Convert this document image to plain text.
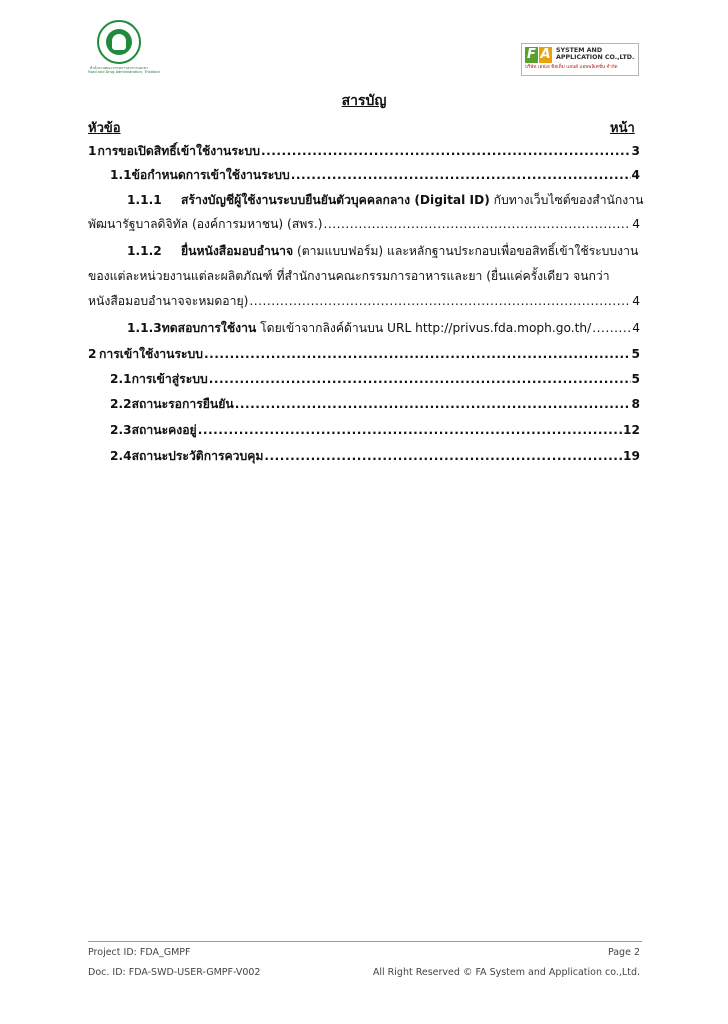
สำนักงานคณะกรรมการอาหารและยา
Food and Drug Administration, Thailand
F A SYSTEM AND
APPLICATION CO.,LTD.
บริษัท เอฟเอ ซิสเต็ม แอนด์ แอพพลิเคชั่น จำกัด
สารบัญ
หัวข้อ	หน้า
1 การขอเปิดสิทธิ์เข้าใช้งานระบบ .....	3
1.1 ข้อกำหนดการเข้าใช้งานระบบ .....	4
1.1.1 สร้างบัญชีผู้ใช้งานระบบยืนยันตัวบุคคลกลาง (Digital ID) กับทางเว็บไซต์ของสำนักงาน
พัฒนารัฐบาลดิจิทัล (องค์การมหาชน) (สพร.) .....	4
1.1.2 ยื่นหนังสือมอบอำนาจ (ตามแบบฟอร์ม) และหลักฐานประกอบเพื่อขอสิทธิ์เข้าใช้ระบบงาน
ของแต่ละหน่วยงานแต่ละผลิตภัณฑ์ ที่สำนักงานคณะกรรมการอาหารและยา (ยื่นแค่ครั้งเดียว จนกว่า
หนังสือมอบอำนาจจะหมดอายุ) .....	4
1.1.3 ทดสอบการใช้งาน โดยเข้าจากลิงค์ด้านบน URL http://privus.fda.moph.go.th/ .....	4
2 การเข้าใช้งานระบบ .....	5
2.1 การเข้าสู่ระบบ .....	5
2.2 สถานะรอการยืนยัน .....	8
2.3 สถานะคงอยู่ .....	12
2.4 สถานะประวัติการควบคุม .....	19
Project ID: FDA_GMPF	Page 2
Doc. ID: FDA-SWD-USER-GMPF-V002	All Right Reserved © FA System and Application co.,Ltd.
